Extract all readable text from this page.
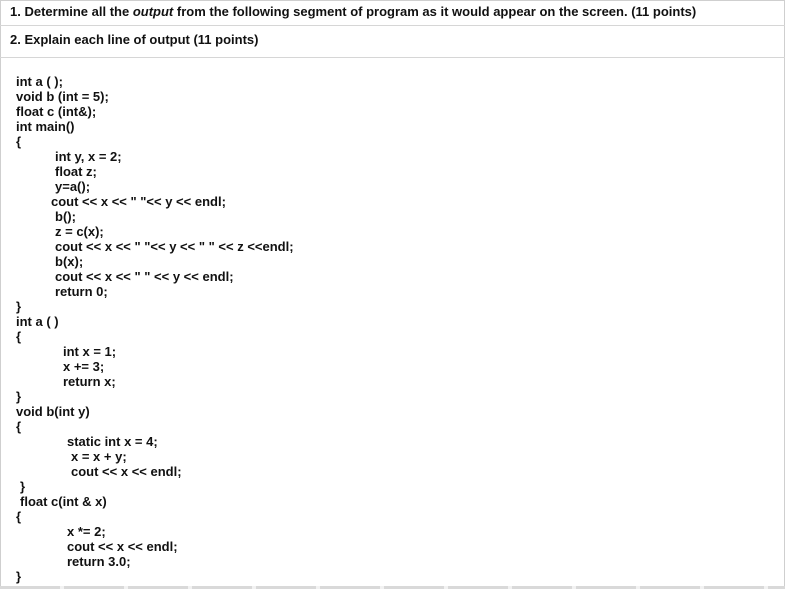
1. Determine all the output from the following segment of program as it would appear on the screen. (11 points)
2. Explain each line of output (11 points)
int a ( );
void b (int = 5);
float c (int&);
int main()
{
int y, x = 2;
float z;
y=a();
cout << x << " "<< y << endl;
b();
z = c(x);
cout << x << " "<< y << " " << z <<endl;
b(x);
cout << x << " " << y << endl;
return 0;
}
int a ( )
{
int x = 1;
x += 3;
return x;
}
void b(int y)
{
static int x = 4;
x = x + y;
cout << x << endl;
}
float c(int & x)
{
x *= 2;
cout << x << endl;
return 3.0;
}
